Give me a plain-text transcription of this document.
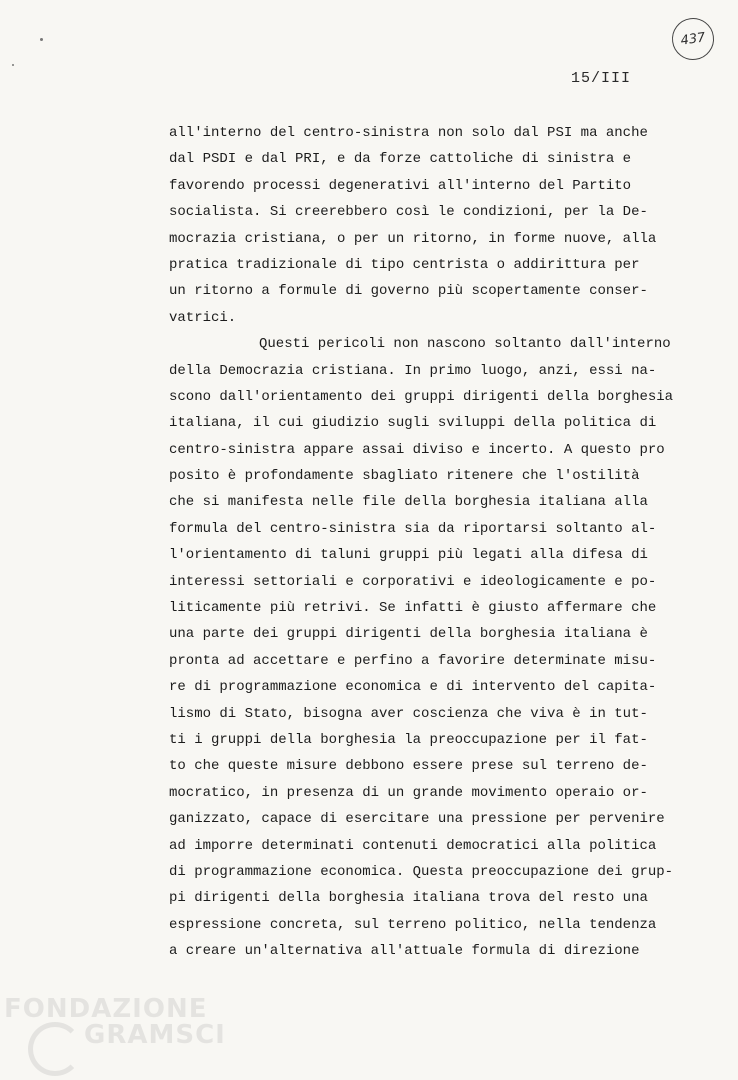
437
15/III
all'interno del centro-sinistra non solo dal PSI ma anche
dal PSDI e dal PRI, e da forze cattoliche di sinistra e
favorendo processi degenerativi all'interno del Partito
socialista. Si creerebbero così le condizioni, per la De-
mocrazia cristiana, o per un ritorno, in forme nuove, alla
pratica tradizionale di tipo centrista o addirittura per
un ritorno a formule di governo più scopertamente conser-
vatrici.
Questi pericoli non nascono soltanto dall'interno
della Democrazia cristiana. In primo luogo, anzi, essi na-
scono dall'orientamento dei gruppi dirigenti della borghesia
italiana, il cui giudizio sugli sviluppi della politica di
centro-sinistra appare assai diviso e incerto. A questo pro
posito è profondamente sbagliato ritenere che l'ostilità
che si manifesta nelle file della borghesia italiana alla
formula del centro-sinistra sia da riportarsi soltanto al-
l'orientamento di taluni gruppi più legati alla difesa di
interessi settoriali e corporativi e ideologicamente e po-
liticamente più retrivi. Se infatti è giusto affermare che
una parte dei gruppi dirigenti della borghesia italiana è
pronta ad accettare e perfino a favorire determinate misu-
re di programmazione economica e di intervento del capita-
lismo di Stato, bisogna aver coscienza che viva è in tut-
ti i gruppi della borghesia la preoccupazione per il fat-
to che queste misure debbono essere prese sul terreno de-
mocratico, in presenza di un grande movimento operaio or-
ganizzato, capace di esercitare una pressione per pervenire
ad imporre determinati contenuti democratici alla politica
di programmazione economica. Questa preoccupazione dei grup-
pi dirigenti della borghesia italiana trova del resto una
espressione concreta, sul terreno politico, nella tendenza
a creare un'alternativa all'attuale formula di direzione
FONDAZIONE
GRAMSCI
